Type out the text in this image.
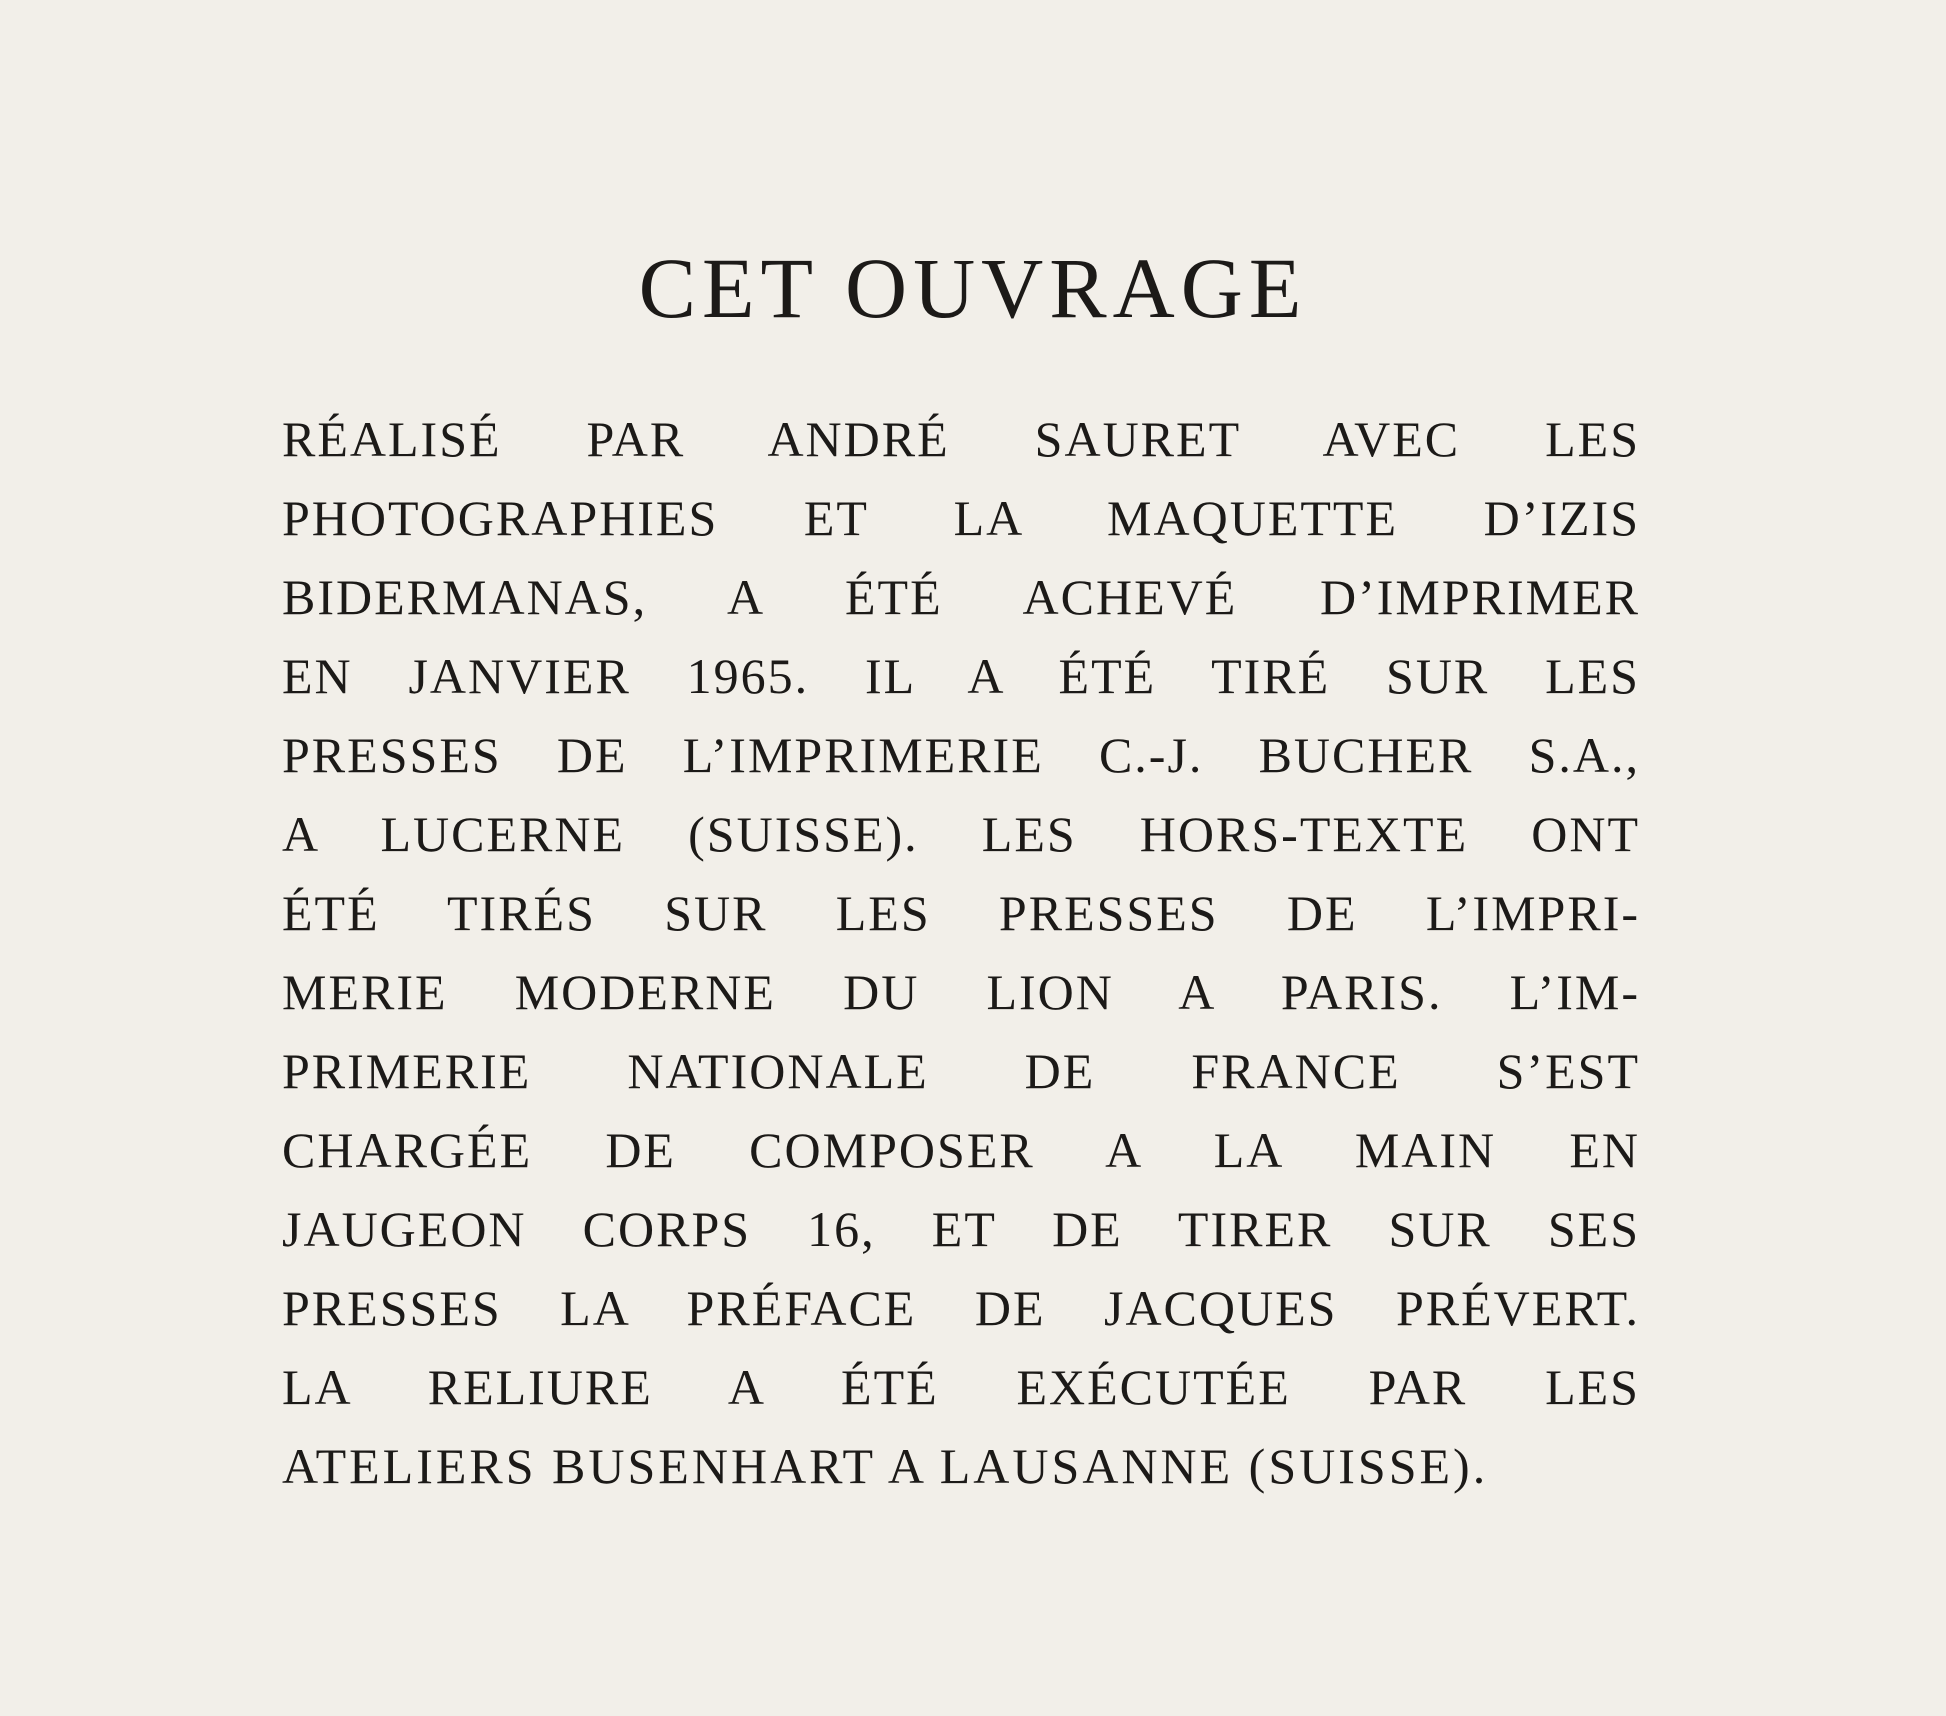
CET OUVRAGE
RÉALISÉ PAR ANDRÉ SAURET AVEC LES
PHOTOGRAPHIES ET LA MAQUETTE D’IZIS
BIDERMANAS, A ÉTÉ ACHEVÉ D’IMPRIMER
EN JANVIER 1965. IL A ÉTÉ TIRÉ SUR LES
PRESSES DE L’IMPRIMERIE C.-J. BUCHER S.A.,
A LUCERNE (SUISSE). LES HORS-TEXTE ONT
ÉTÉ TIRÉS SUR LES PRESSES DE L’IMPRI-
MERIE MODERNE DU LION A PARIS. L’IM-
PRIMERIE NATIONALE DE FRANCE S’EST
CHARGÉE DE COMPOSER A LA MAIN EN
JAUGEON CORPS 16, ET DE TIRER SUR SES
PRESSES LA PRÉFACE DE JACQUES PRÉVERT.
LA RELIURE A ÉTÉ EXÉCUTÉE PAR LES
ATELIERS BUSENHART A LAUSANNE (SUISSE).
